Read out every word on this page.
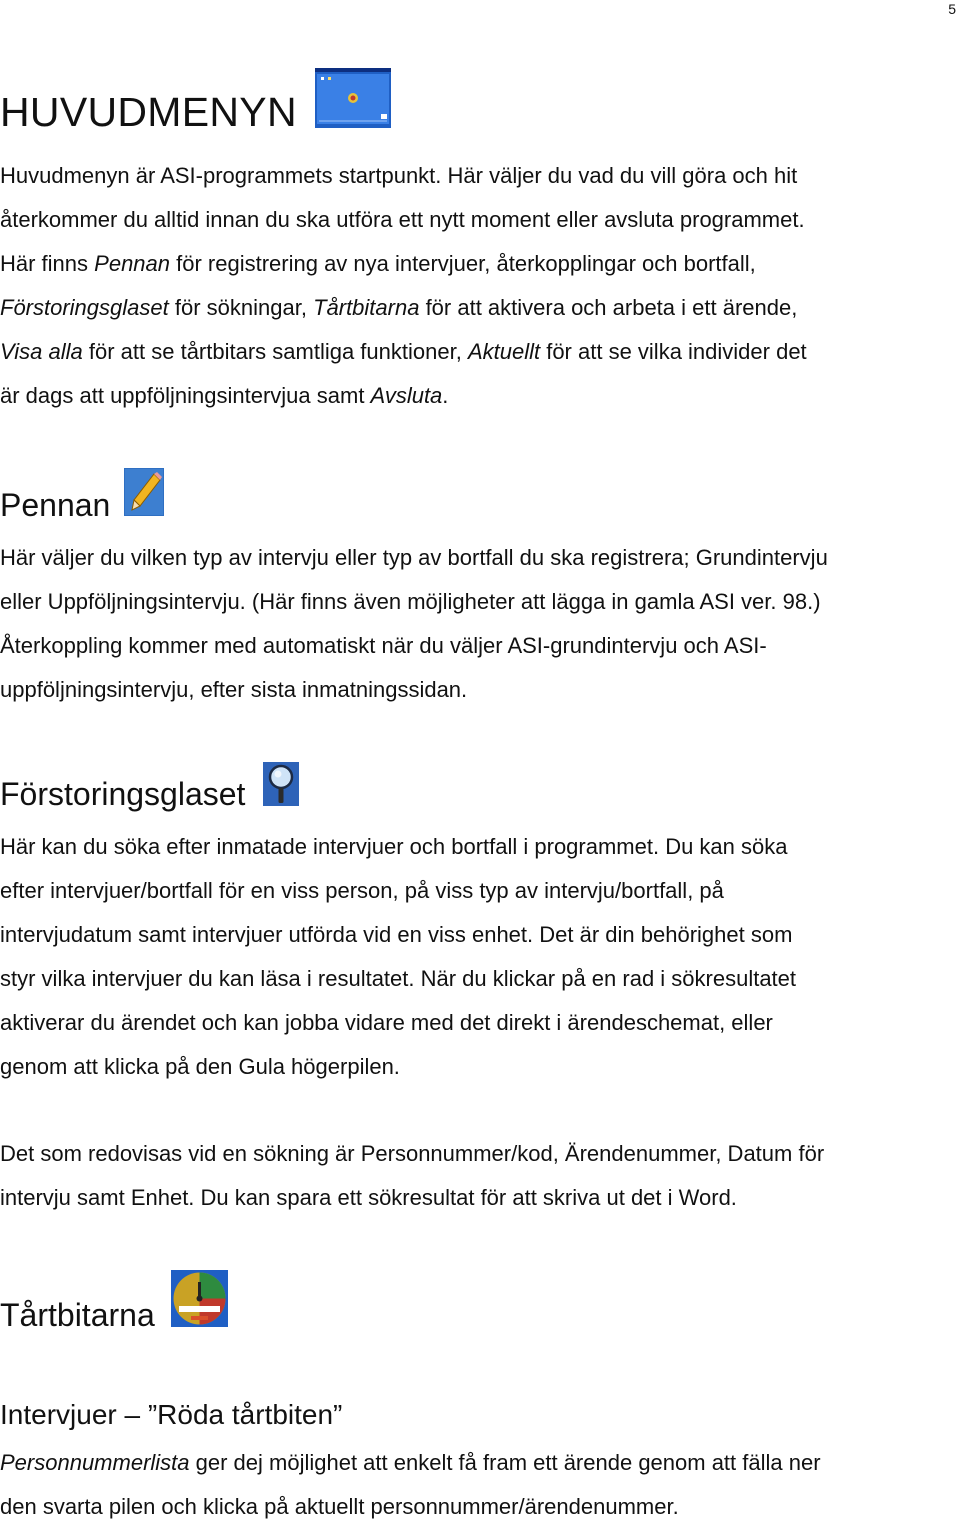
5
HUVUDMENYN
Huvudmenyn är ASI-programmets startpunkt. Här väljer du vad du vill göra och hit
återkommer du alltid innan du ska utföra ett nytt moment eller avsluta programmet.
Här finns Pennan för registrering av nya intervjuer, återkopplingar och bortfall,
Förstoringsglaset för sökningar, Tårtbitarna för att aktivera och arbeta i ett ärende,
Visa alla för att se tårtbitars samtliga funktioner, Aktuellt för att se vilka individer det
är dags att uppföljningsintervjua samt Avsluta.
Pennan
Här väljer du vilken typ av intervju eller typ av bortfall du ska registrera; Grundintervju
eller Uppföljningsintervju. (Här finns även möjligheter att lägga in gamla ASI ver. 98.)
Återkoppling kommer med automatiskt när du väljer ASI-grundintervju och ASI-
uppföljningsintervju, efter sista inmatningssidan.
Förstoringsglaset
Här kan du söka efter inmatade intervjuer och bortfall i programmet. Du kan söka
efter intervjuer/bortfall för en viss person, på viss typ av intervju/bortfall, på
intervjudatum samt intervjuer utförda vid en viss enhet. Det är din behörighet som
styr vilka intervjuer du kan läsa i resultatet. När du klickar på en rad i sökresultatet
aktiverar du ärendet och kan jobba vidare med det direkt i ärendeschemat, eller
genom att klicka på den Gula högerpilen.
Det som redovisas vid en sökning är Personnummer/kod, Ärendenummer, Datum för
intervju samt Enhet. Du kan spara ett sökresultat för att skriva ut det i Word.
Tårtbitarna
Intervjuer – ”Röda tårtbiten”
Personnummerlista ger dej möjlighet att enkelt få fram ett ärende genom att fälla ner
den svarta pilen och klicka på aktuellt personnummer/ärendenummer.
